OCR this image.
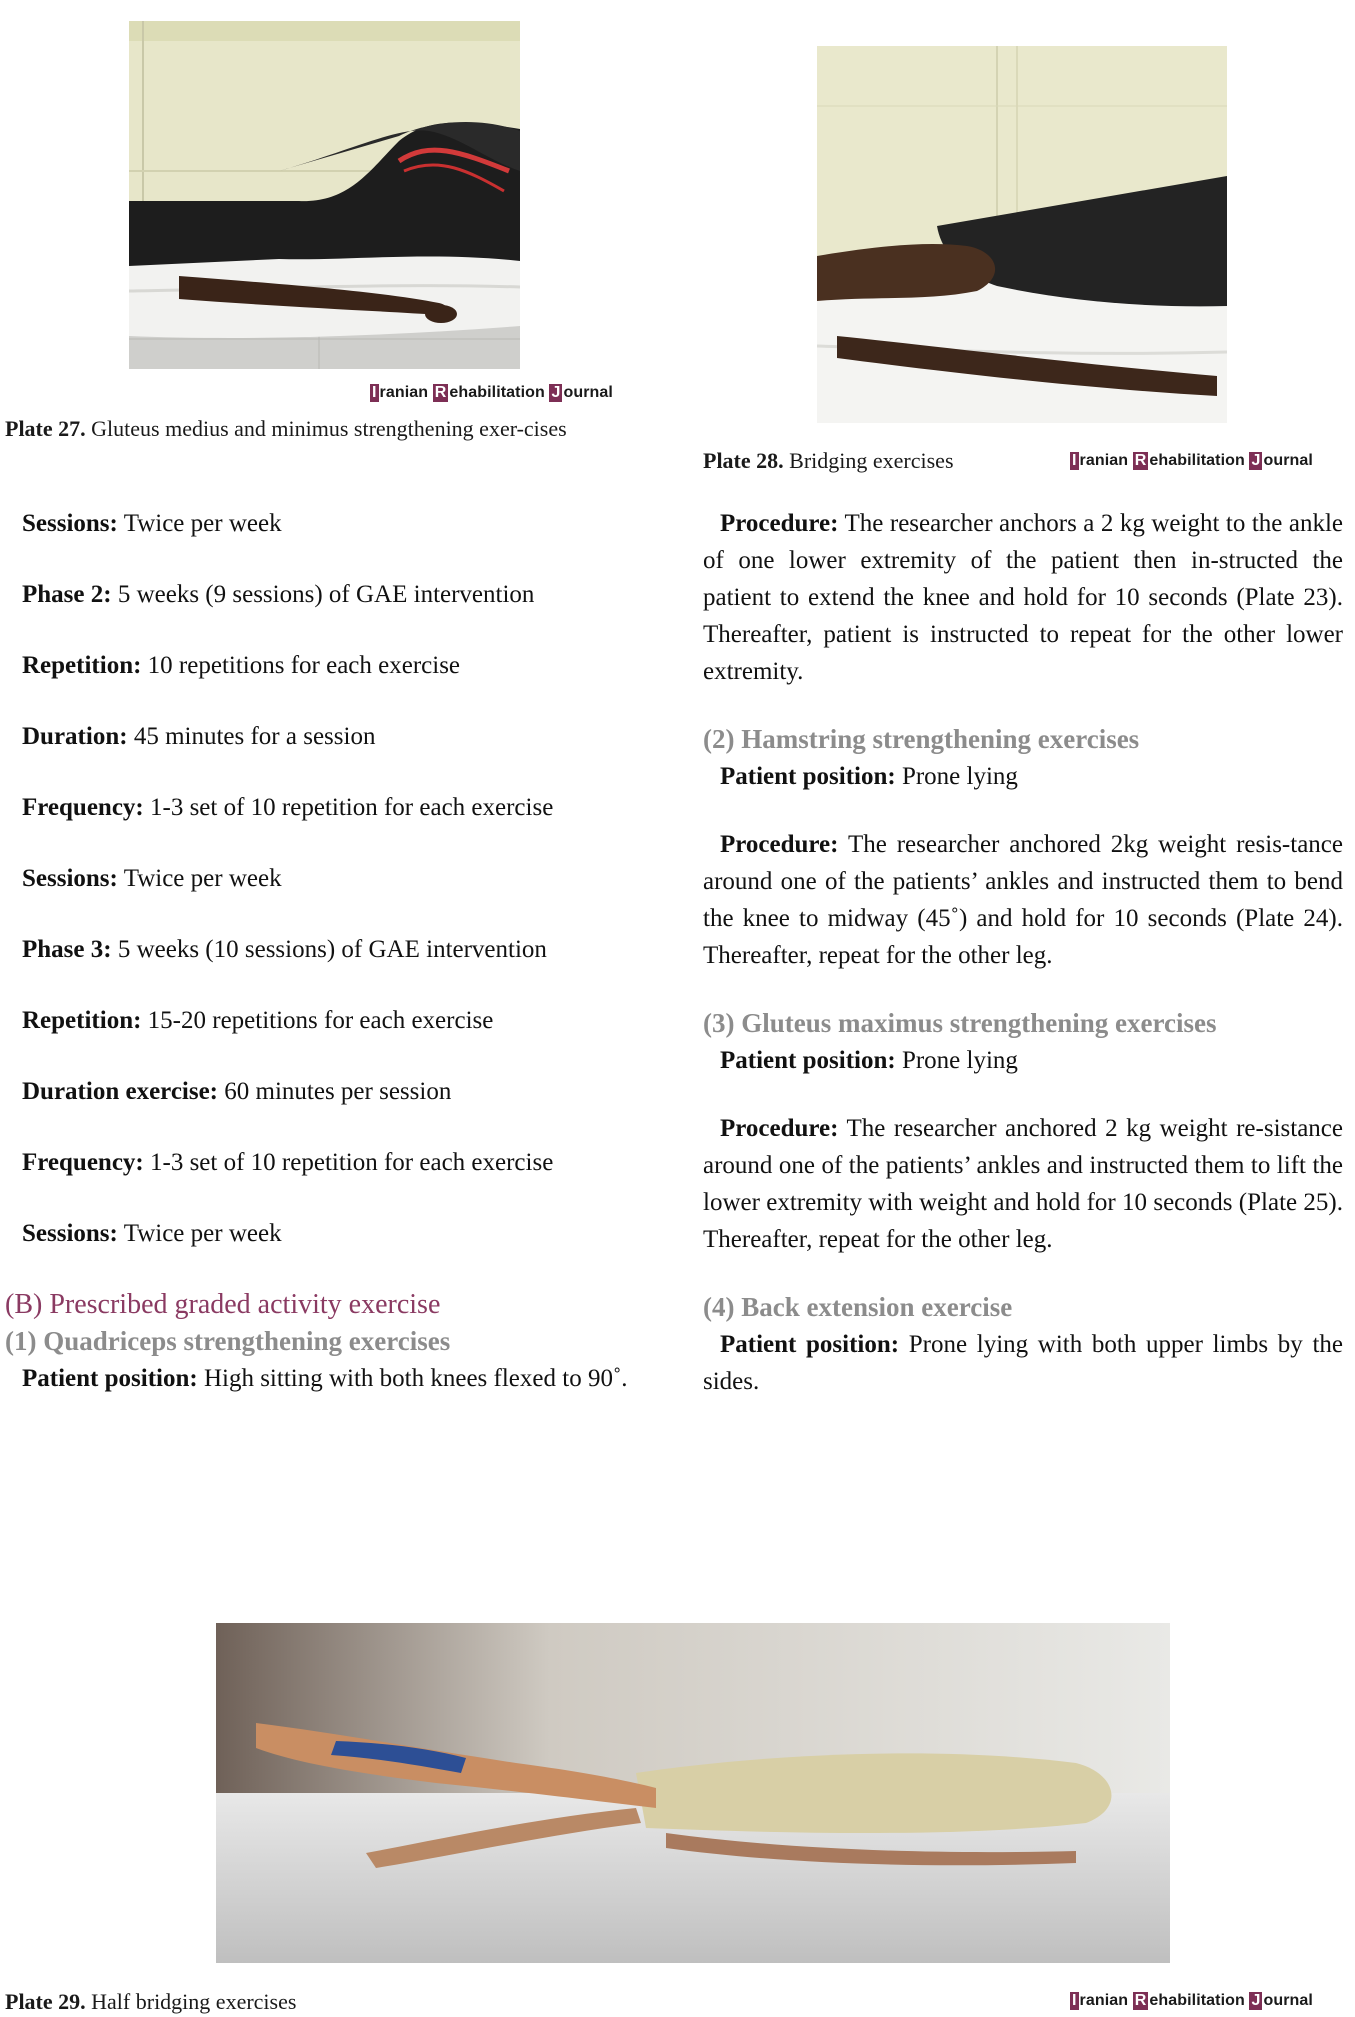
I ranian R ehabilitation J ournal
Plate 27. Gluteus medius and minimus strengthening exer-cises
Plate 28. Bridging exercises	I ranian R ehabilitation J ournal

Sessions: Twice per week

Phase 2: 5 weeks (9 sessions) of GAE intervention

Repetition: 10 repetitions for each exercise

Duration: 45 minutes for a session

Frequency: 1-3 set of 10 repetition for each exercise

Sessions: Twice per week

Phase 3: 5 weeks (10 sessions) of GAE intervention

Repetition: 15-20 repetitions for each exercise

Duration exercise: 60 minutes per session

Frequency: 1-3 set of 10 repetition for each exercise

Sessions: Twice per week

(B) Prescribed graded activity exercise

(1) Quadriceps strengthening exercises

Patient position: High sitting with both knees flexed to 90˚.

Procedure: The researcher anchors a 2 kg weight to the ankle of one lower extremity of the patient then in-structed the patient to extend the knee and hold for 10 seconds (Plate 23). Thereafter, patient is instructed to repeat for the other lower extremity.

(2) Hamstring strengthening exercises

Patient position: Prone lying

Procedure: The researcher anchored 2kg weight resis-tance around one of the patients’ ankles and instructed them to bend the knee to midway (45˚) and hold for 10 seconds (Plate 24). Thereafter, repeat for the other leg.

(3) Gluteus maximus strengthening exercises

Patient position: Prone lying

Procedure: The researcher anchored 2 kg weight re-sistance around one of the patients’ ankles and instructed them to lift the lower extremity with weight and hold for 10 seconds (Plate 25). Thereafter, repeat for the other leg.

(4) Back extension exercise

Patient position: Prone lying with both upper limbs by the sides.

Plate 29. Half bridging exercises	I ranian R ehabilitation J ournal
